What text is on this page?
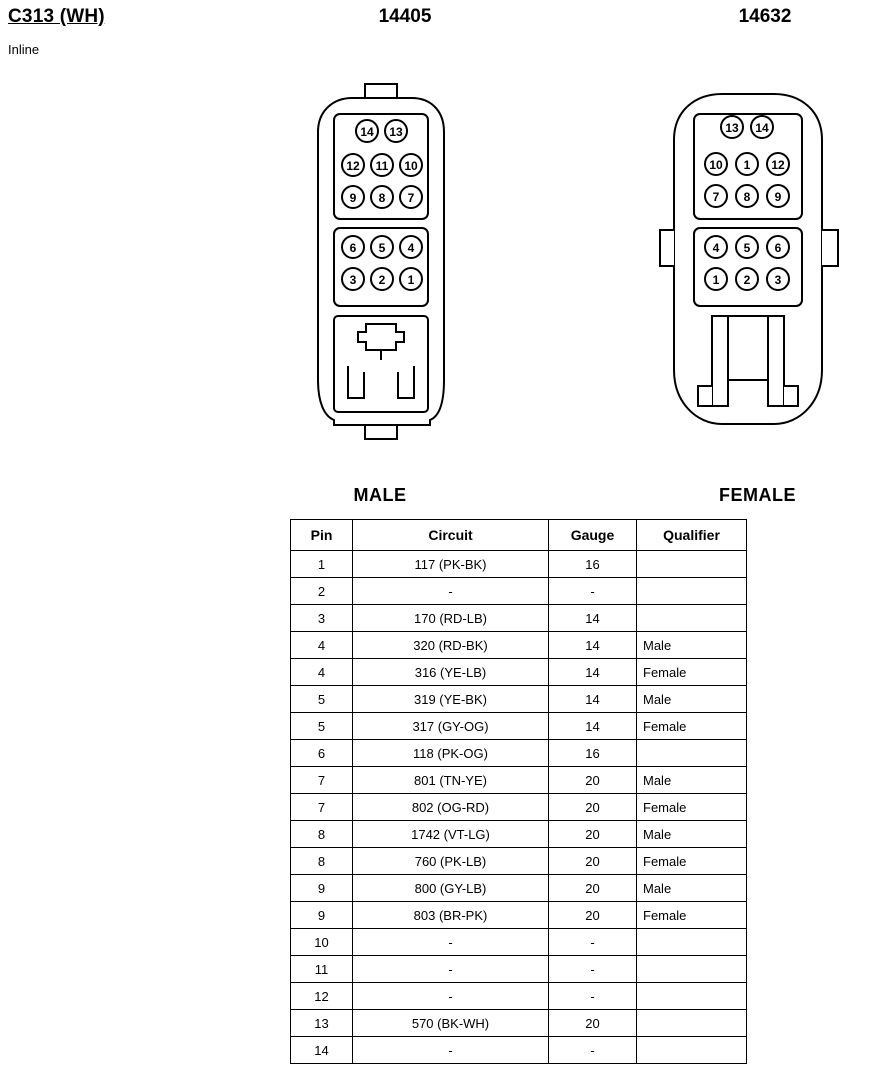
C313 (WH)
Inline
14405	14632
14 13
12 11 10
9 8 7
6 5 4
3 2 1
13 14
10 1 12
7 8 9
4 5 6
1 2 3
MALE	FEMALE
Pin	Circuit	Gauge	Qualifier
1	117 (PK-BK)	16	
2	-	-	
3	170 (RD-LB)	14	
4	320 (RD-BK)	14	Male
4	316 (YE-LB)	14	Female
5	319 (YE-BK)	14	Male
5	317 (GY-OG)	14	Female
6	118 (PK-OG)	16	
7	801 (TN-YE)	20	Male
7	802 (OG-RD)	20	Female
8	1742 (VT-LG)	20	Male
8	760 (PK-LB)	20	Female
9	800 (GY-LB)	20	Male
9	803 (BR-PK)	20	Female
10	-	-	
11	-	-	
12	-	-	
13	570 (BK-WH)	20	
14	-	-	
